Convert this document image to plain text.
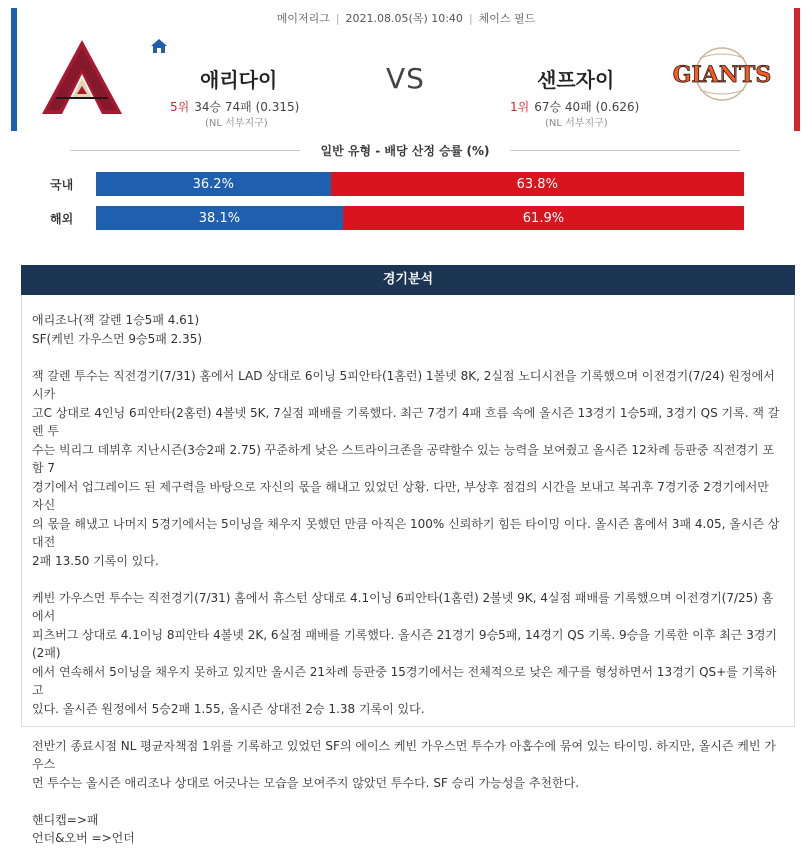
메이저리그 | 2021.08.05(목) 10:40 | 체이스 필드
애리다이	VS	샌프자이
5위 34승 74패 (0.315)
(NL 서부지구)
1위 67승 40패 (0.626)
(NL 서부지구)
GIANTS
일반 유형 - 배당 산정 승률 (%)
국내	36.2%	63.8%
해외	38.1%	61.9%
경기분석

애리조나(잭 갈렌 1승5패 4.61)

SF(케빈 가우스먼 9승5패 2.35)

잭 갈렌 투수는 직전경기(7/31) 홈에서 LAD 상대로 6이닝 5피안타(1홈런) 1볼넷 8K, 2실점 노디시전을 기록했으며 이전경기(7/24) 원정에서 시카

고C 상대로 4인닝 6피안타(2홈런) 4볼넷 5K, 7실점 패배를 기록했다. 최근 7경기 4패 흐름 속에 올시즌 13경기 1승5패, 3경기 QS 기록. 잭 갈렌 투

수는 빅리그 데뷔후 지난시즌(3승2패 2.75) 꾸준하게 낮은 스트라이크존을 공략할수 있는 능력을 보여줬고 올시즌 12차례 등판중 직전경기 포함 7

경기에서 업그레이드 된 제구력을 바탕으로 자신의 몫을 해내고 있었던 상황. 다만, 부상후 점검의 시간을 보내고 복귀후 7경기중 2경기에서만 자신

의 몫을 해냈고 나머지 5경기에서는 5이닝을 채우지 못했던 만큼 아직은 100% 신뢰하기 힘든 타이밍 이다. 올시즌 홈에서 3패 4.05, 올시즌 상대전

2패 13.50 기록이 있다.

케빈 가우스먼 투수는 직전경기(7/31) 홈에서 휴스턴 상대로 4.1이닝 6피안타(1홈런) 2볼넷 9K, 4실점 패배를 기록했으며 이전경기(7/25) 홈에서

피츠버그 상대로 4.1이닝 8피안타 4볼넷 2K, 6실점 패배를 기록했다. 올시즌 21경기 9승5패, 14경기 QS 기록. 9승을 기록한 이후 최근 3경기(2패)

에서 연속해서 5이닝을 채우지 못하고 있지만 올시즌 21차례 등판중 15경기에서는 전체적으로 낮은 제구를 형성하면서 13경기 QS+를 기록하고

있다. 올시즌 원정에서 5승2패 1.55, 올시즌 상대전 2승 1.38 기록이 있다.

전반기 종료시점 NL 평균자책점 1위를 기록하고 있었던 SF의 에이스 케빈 가우스먼 투수가 아홉수에 묶여 있는 타이밍. 하지만, 올시즌 케빈 가우스

먼 투수는 올시즌 애리조나 상대로 어긋나는 모습을 보여주지 않았던 투수다. SF 승리 가능성을 추천한다.

핸디캡=>패

언더&오버 =>언더
